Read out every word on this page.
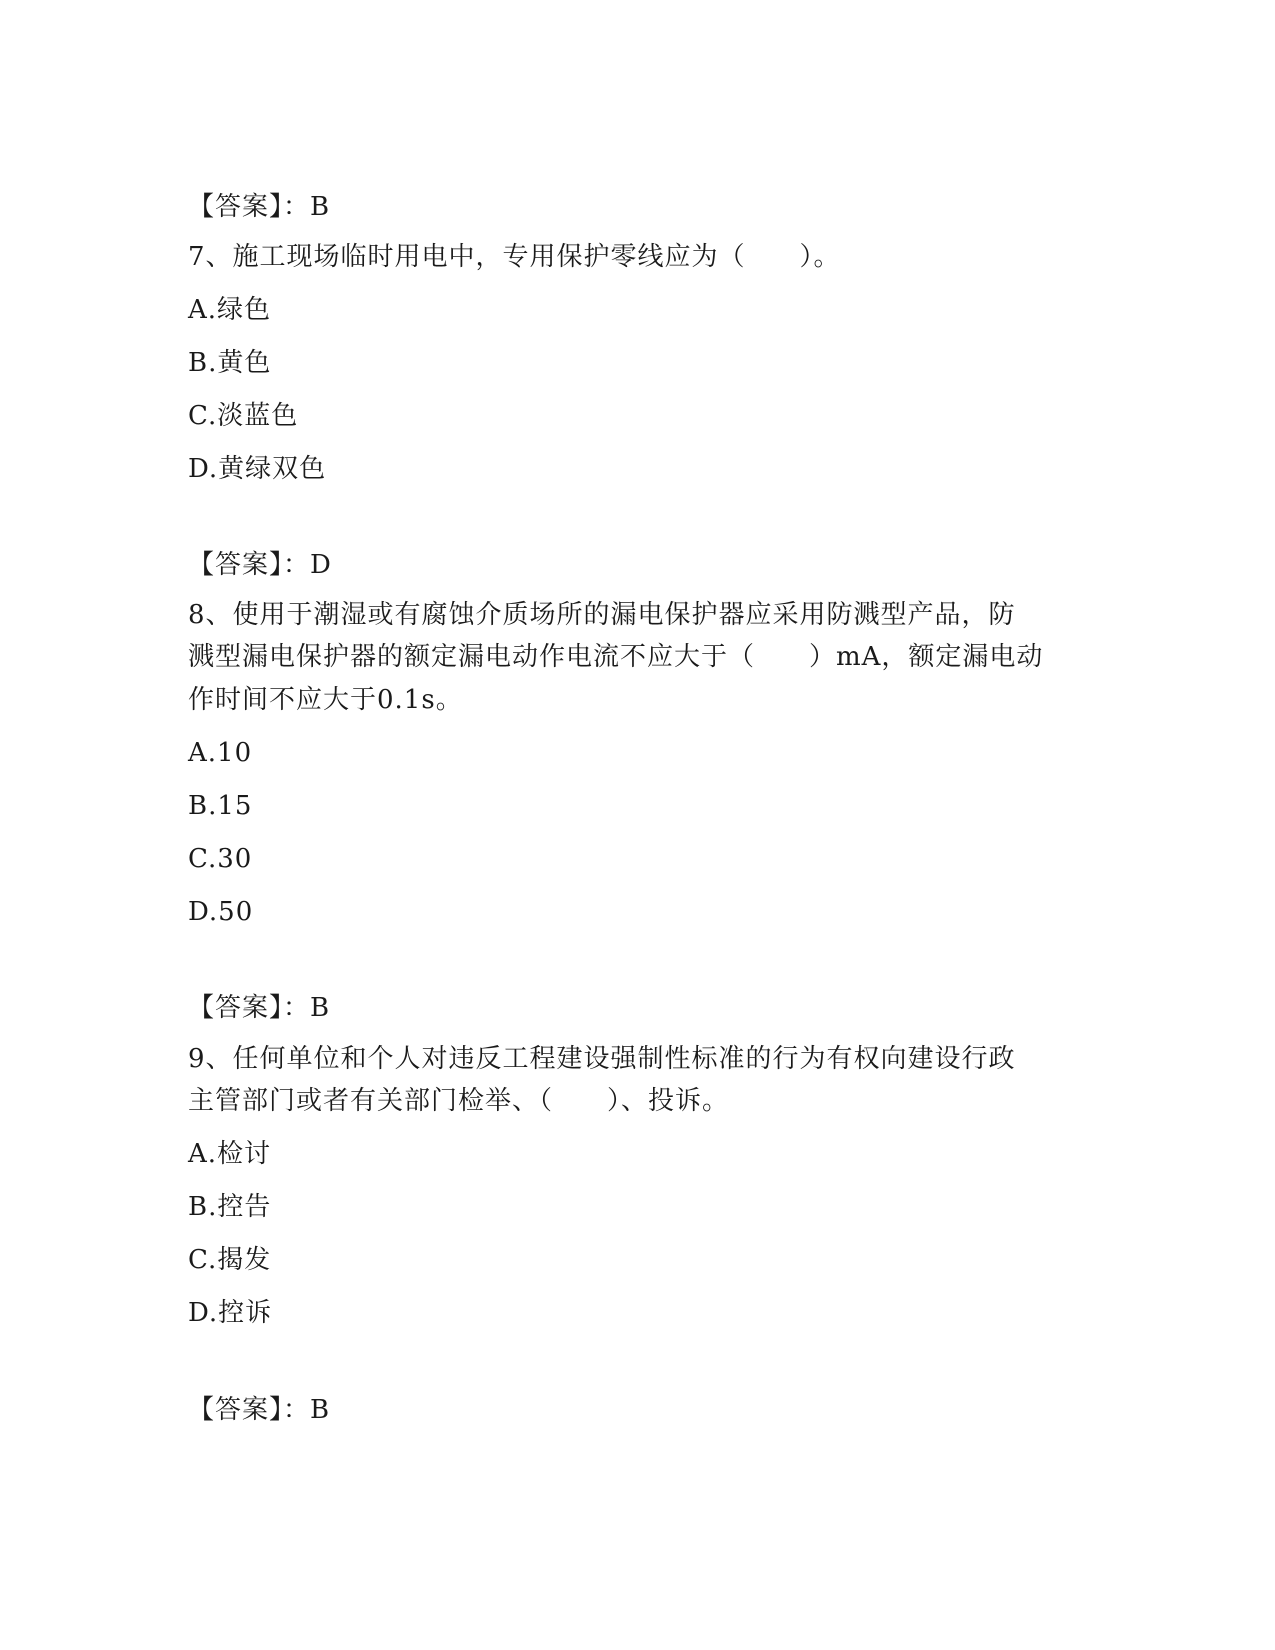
【答案】：B
7、施工现场临时用电中，专用保护零线应为（　　）。
A.绿色
B.黄色
C.淡蓝色
D.黄绿双色
【答案】：D
8、使用于潮湿或有腐蚀介质场所的漏电保护器应采用防溅型产品，防
溅型漏电保护器的额定漏电动作电流不应大于（　　）mA，额定漏电动
作时间不应大于0.1s。
A.10
B.15
C.30
D.50
【答案】：B
9、任何单位和个人对违反工程建设强制性标准的行为有权向建设行政
主管部门或者有关部门检举、（　　）、投诉。
A.检讨
B.控告
C.揭发
D.控诉
【答案】：B
